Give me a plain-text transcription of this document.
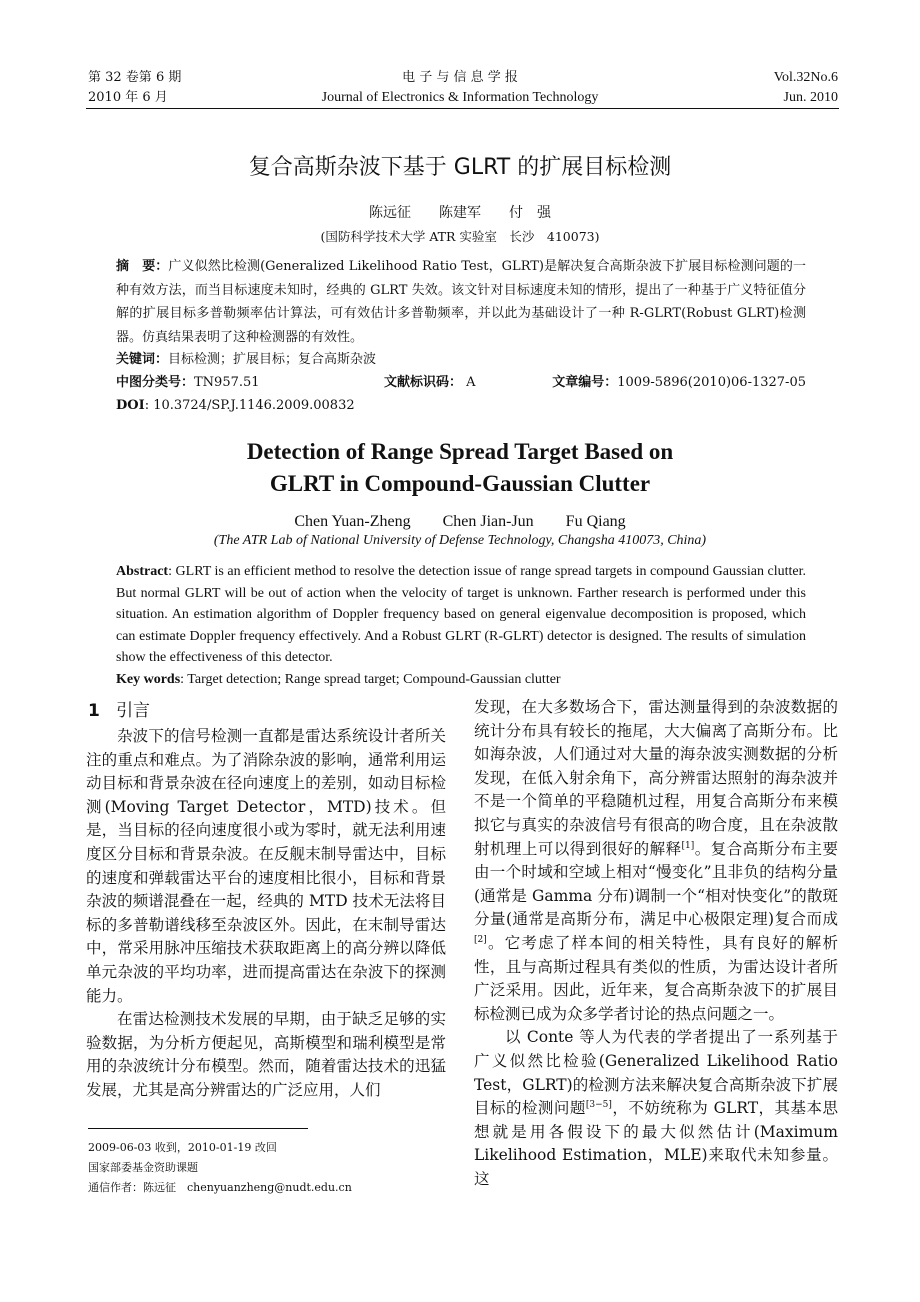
第 32 卷第 6 期
2010 年 6 月
电 子 与 信 息 学 报
Journal of Electronics & Information Technology
Vol.32No.6
Jun. 2010
复合高斯杂波下基于 GLRT 的扩展目标检测
陈远征　　陈建军　　付　强
(国防科学技术大学 ATR 实验室　长沙　410073)
摘　要：广义似然比检测(Generalized Likelihood Ratio Test，GLRT)是解决复合高斯杂波下扩展目标检测问题的一种有效方法，而当目标速度未知时，经典的 GLRT 失效。该文针对目标速度未知的情形，提出了一种基于广义特征值分解的扩展目标多普勒频率估计算法，可有效估计多普勒频率，并以此为基础设计了一种 R-GLRT(Robust GLRT)检测器。仿真结果表明了这种检测器的有效性。
关键词：目标检测；扩展目标；复合高斯杂波
中图分类号：TN957.51	文献标识码： A	文章编号：1009-5896(2010)06-1327-05
DOI: 10.3724/SP.J.1146.2009.00832
Detection of Range Spread Target Based on
GLRT in Compound-Gaussian Clutter
Chen Yuan-Zheng　　Chen Jian-Jun　　Fu Qiang
(The ATR Lab of National University of Defense Technology, Changsha 410073, China)
Abstract: GLRT is an efficient method to resolve the detection issue of range spread targets in compound Gaussian clutter. But normal GLRT will be out of action when the velocity of target is unknown. Farther research is performed under this situation. An estimation algorithm of Doppler frequency based on general eigenvalue decomposition is proposed, which can estimate Doppler frequency effectively. And a Robust GLRT (R-GLRT) detector is designed. The results of simulation show the effectiveness of this detector.
Key words: Target detection; Range spread target; Compound-Gaussian clutter
1 引言

杂波下的信号检测一直都是雷达系统设计者所关注的重点和难点。为了消除杂波的影响，通常利用运动目标和背景杂波在径向速度上的差别，如动目标检测(Moving Target Detector，MTD)技术。但是，当目标的径向速度很小或为零时，就无法利用速度区分目标和背景杂波。在反舰末制导雷达中，目标的速度和弹载雷达平台的速度相比很小，目标和背景杂波的频谱混叠在一起，经典的 MTD 技术无法将目标的多普勒谱线移至杂波区外。因此，在末制导雷达中，常采用脉冲压缩技术获取距离上的高分辨以降低单元杂波的平均功率，进而提高雷达在杂波下的探测能力。

在雷达检测技术发展的早期，由于缺乏足够的实验数据，为分析方便起见，高斯模型和瑞利模型是常用的杂波统计分布模型。然而，随着雷达技术的迅猛发展，尤其是高分辨雷达的广泛应用，人们

发现，在大多数场合下，雷达测量得到的杂波数据的统计分布具有较长的拖尾，大大偏离了高斯分布。比如海杂波，人们通过对大量的海杂波实测数据的分析发现，在低入射余角下，高分辨雷达照射的海杂波并不是一个简单的平稳随机过程，用复合高斯分布来模拟它与真实的杂波信号有很高的吻合度，且在杂波散射机理上可以得到很好的解释[1]。复合高斯分布主要由一个时域和空域上相对“慢变化”且非负的结构分量(通常是 Gamma 分布)调制一个“相对快变化”的散斑分量(通常是高斯分布，满足中心极限定理)复合而成[2]。它考虑了样本间的相关特性，具有良好的解析性，且与高斯过程具有类似的性质，为雷达设计者所广泛采用。因此，近年来，复合高斯杂波下的扩展目标检测已成为众多学者讨论的热点问题之一。

以 Conte 等人为代表的学者提出了一系列基于广义似然比检验(Generalized Likelihood Ratio Test，GLRT)的检测方法来解决复合高斯杂波下扩展目标的检测问题[3−5]，不妨统称为 GLRT，其基本思想就是用各假设下的最大似然估计(Maximum Likelihood Estimation，MLE)来取代未知参量。这

2009-06-03 收到，2010-01-19 改回
国家部委基金资助课题
通信作者：陈远征　chenyuanzheng@nudt.edu.cn
